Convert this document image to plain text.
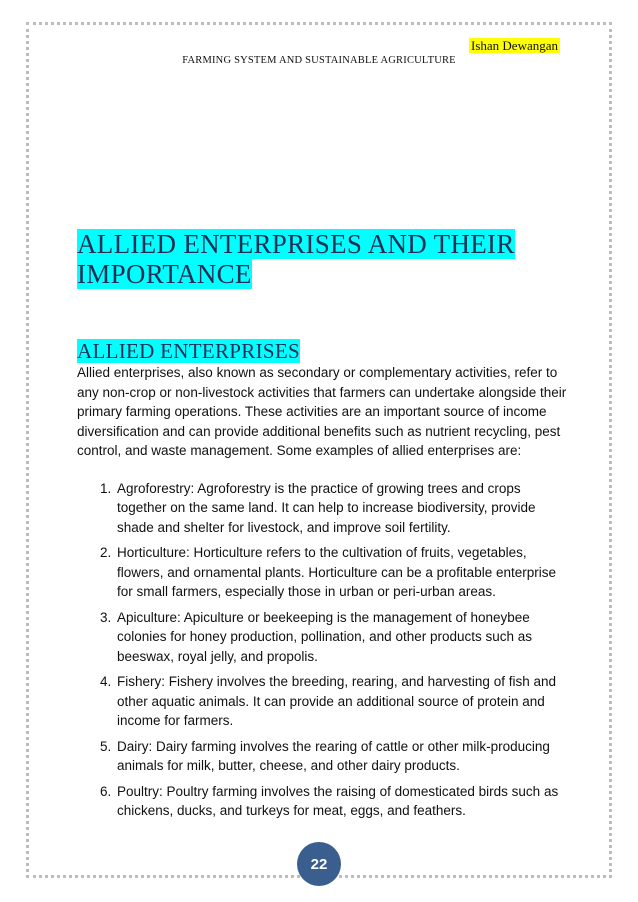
Ishan Dewangan
FARMING SYSTEM AND SUSTAINABLE AGRICULTURE
ALLIED ENTERPRISES AND THEIR IMPORTANCE
ALLIED ENTERPRISES

Allied enterprises, also known as secondary or complementary activities, refer to any non-crop or non-livestock activities that farmers can undertake alongside their primary farming operations. These activities are an important source of income diversification and can provide additional benefits such as nutrient recycling, pest control, and waste management. Some examples of allied enterprises are:

1. Agroforestry: Agroforestry is the practice of growing trees and crops together on the same land. It can help to increase biodiversity, provide shade and shelter for livestock, and improve soil fertility.
2. Horticulture: Horticulture refers to the cultivation of fruits, vegetables, flowers, and ornamental plants. Horticulture can be a profitable enterprise for small farmers, especially those in urban or peri-urban areas.
3. Apiculture: Apiculture or beekeeping is the management of honeybee colonies for honey production, pollination, and other products such as beeswax, royal jelly, and propolis.
4. Fishery: Fishery involves the breeding, rearing, and harvesting of fish and other aquatic animals. It can provide an additional source of protein and income for farmers.
5. Dairy: Dairy farming involves the rearing of cattle or other milk-producing animals for milk, butter, cheese, and other dairy products.
6. Poultry: Poultry farming involves the raising of domesticated birds such as chickens, ducks, and turkeys for meat, eggs, and feathers.
22
